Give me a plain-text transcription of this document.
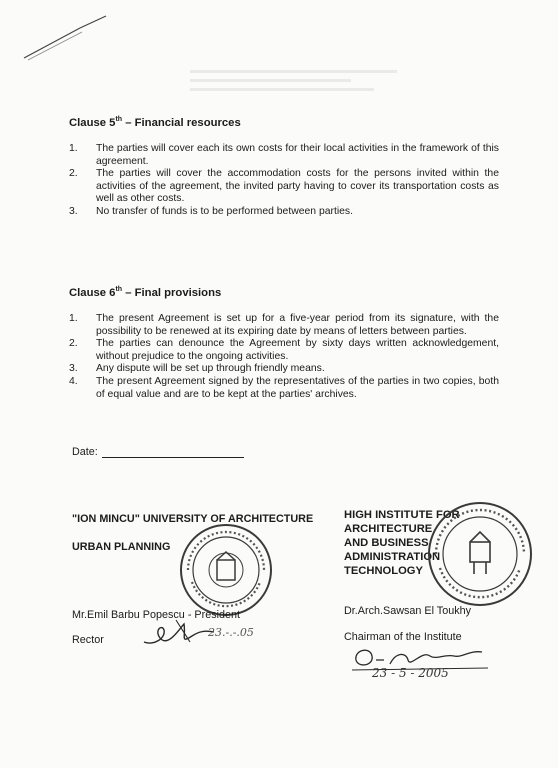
Clause 5th – Financial resources

1. The parties will cover each its own costs for their local activities in the framework of this agreement.

2. The parties will cover the accommodation costs for the persons invited within the activities of the agreement, the invited party having to cover its transportation costs as well as other costs.

3. No transfer of funds is to be performed between parties.

Clause 6th – Final provisions

1. The present Agreement is set up for a five-year period from its signature, with the possibility to be renewed at its expiring date by means of letters between parties.

2. The parties can denounce the Agreement by sixty days written acknowledgement, without prejudice to the ongoing activities.

3. Any dispute will be set up through friendly means.

4. The present Agreement signed by the representatives of the parties in two copies, both of equal value and are to be kept at the parties' archives.

Date:
"ION MINCU" UNIVERSITY OF ARCHITECTURE
URBAN PLANNING
Mr.Emil Barbu Popescu - President
Rector
23.-.-.05
HIGH INSTITUTE FOR
ARCHITECTURE
AND BUSINESS
ADMINISTRATION
TECHNOLOGY
Dr.Arch.Sawsan El Toukhy
Chairman of the Institute
23 - 5 - 2005
